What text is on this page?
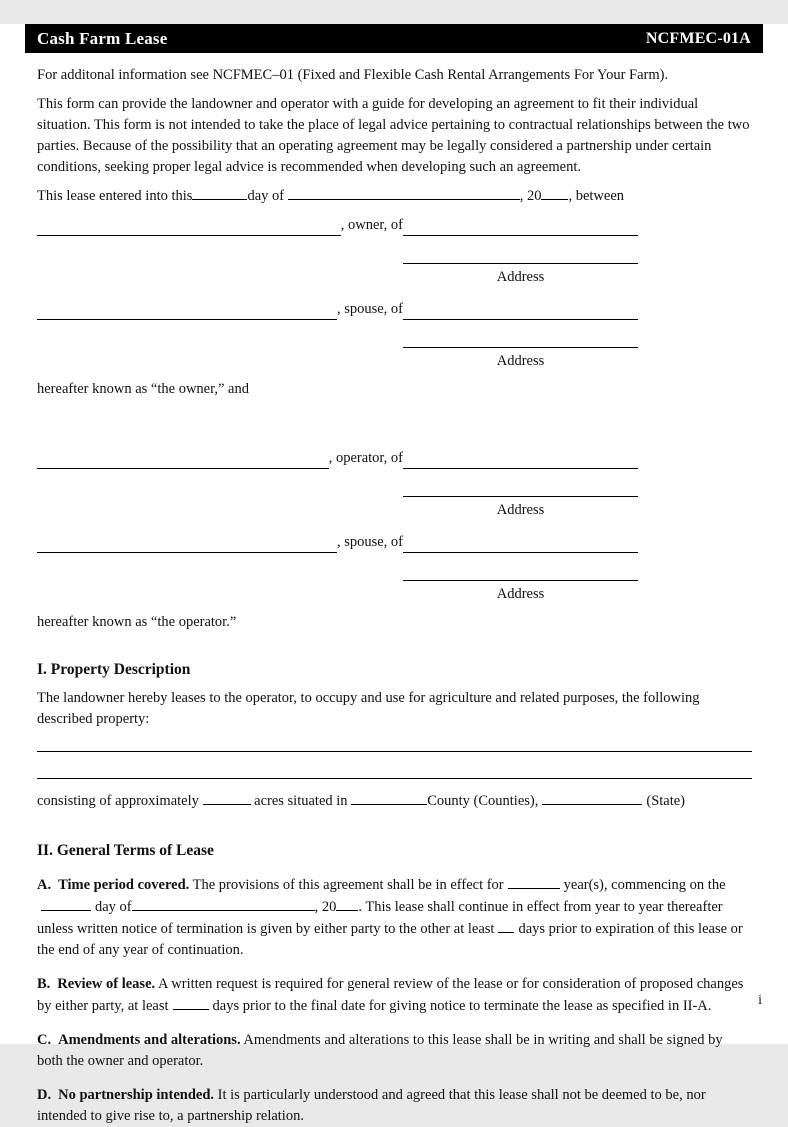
Cash Farm Lease	NCFMEC-01A
For additonal information see NCFMEC–01 (Fixed and Flexible Cash Rental Arrangements For Your Farm).
This form can provide the landowner and operator with a guide for developing an agreement to fit their individual situation. This form is not intended to take the place of legal advice pertaining to contractual relationships between the two parties. Because of the possibility that an operating agreement may be legally considered a partnership under certain conditions, seeking proper legal advice is recommended when developing such an agreement.
This lease entered into this	day of	, 20 , between
, owner, of
Address
, spouse, of
Address
hereafter known as “the owner,” and
, operator, of
Address
, spouse, of
Address
hereafter known as “the operator.”
I. Property Description
The landowner hereby leases to the operator, to occupy and use for agriculture and related purposes, the following described property:
consisting of approximately	acres situated in	County (Counties),	(State)
II. General Terms of Lease
A. Time period covered. The provisions of this agreement shall be in effect for	year(s), commencing on theday of	, 20 . This lease shall continue in effect from year to year thereafter unless written notice of termination is given by either party to the other at least days prior to expiration of this lease or the end of any year of continuation.
B. Review of lease. A written request is required for general review of the lease or for consideration of proposed changes by either party, at least	days prior to the final date for giving notice to terminate the lease as specified in II-A.
C. Amendments and alterations. Amendments and alterations to this lease shall be in writing and shall be signed by both the owner and operator.
D. No partnership intended. It is particularly understood and agreed that this lease shall not be deemed to be, nor intended to give rise to, a partnership relation.
i
